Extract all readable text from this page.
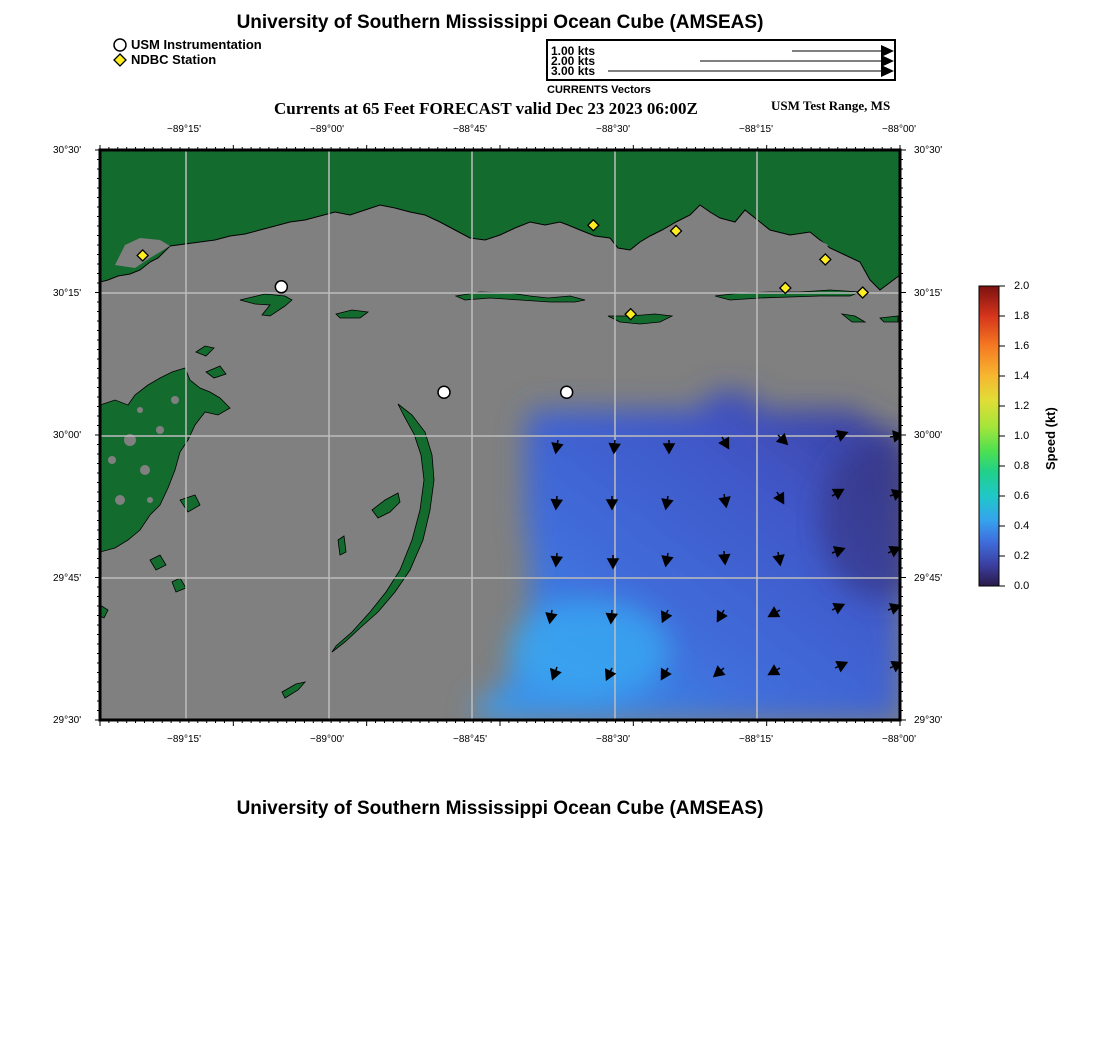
University of Southern Mississippi Ocean Cube (AMSEAS)
USM Instrumentation
NDBC Station
1.00 kts
2.00 kts
3.00 kts
CURRENTS Vectors
Currents at 65 Feet FORECAST valid Dec 23 2023 06:00Z	USM Test Range, MS
−89°15'	−89°00'	−88°45'	−88°30'	−88°15'	−88°00'
30°30'
30°15'
30°00'
29°45'
29°30'
30°30'
30°15'
30°00'
29°45'
29°30'
−89°15'	−89°00'	−88°45'	−88°30'	−88°15'	−88°00'
2.0
1.8
1.6
1.4
1.2
1.0
0.8
0.6
0.4
0.2
0.0
Speed (kt)
University of Southern Mississippi Ocean Cube (AMSEAS)
